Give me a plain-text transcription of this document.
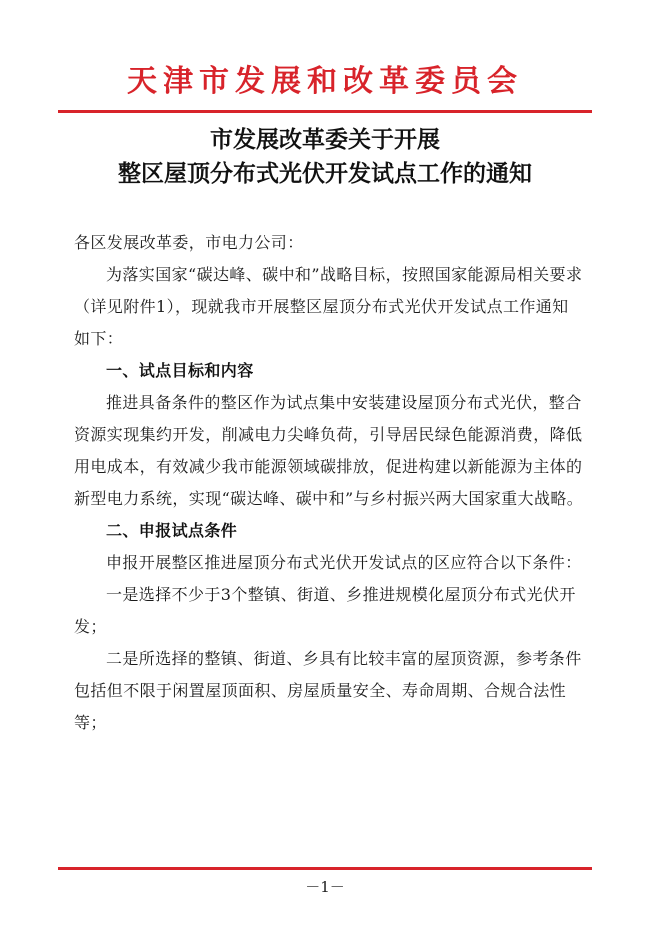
天津市发展和改革委员会
市发展改革委关于开展
整区屋顶分布式光伏开发试点工作的通知

各区发展改革委，市电力公司：

为落实国家“碳达峰、碳中和”战略目标，按照国家能源局相关要求（详见附件1），现就我市开展整区屋顶分布式光伏开发试点工作通知如下：

一、试点目标和内容

推进具备条件的整区作为试点集中安装建设屋顶分布式光伏，整合资源实现集约开发，削减电力尖峰负荷，引导居民绿色能源消费，降低用电成本，有效减少我市能源领域碳排放，促进构建以新能源为主体的新型电力系统，实现“碳达峰、碳中和”与乡村振兴两大国家重大战略。

二、申报试点条件

申报开展整区推进屋顶分布式光伏开发试点的区应符合以下条件：

一是选择不少于3个整镇、街道、乡推进规模化屋顶分布式光伏开发；

二是所选择的整镇、街道、乡具有比较丰富的屋顶资源，参考条件包括但不限于闲置屋顶面积、房屋质量安全、寿命周期、合规合法性等；

－1－
